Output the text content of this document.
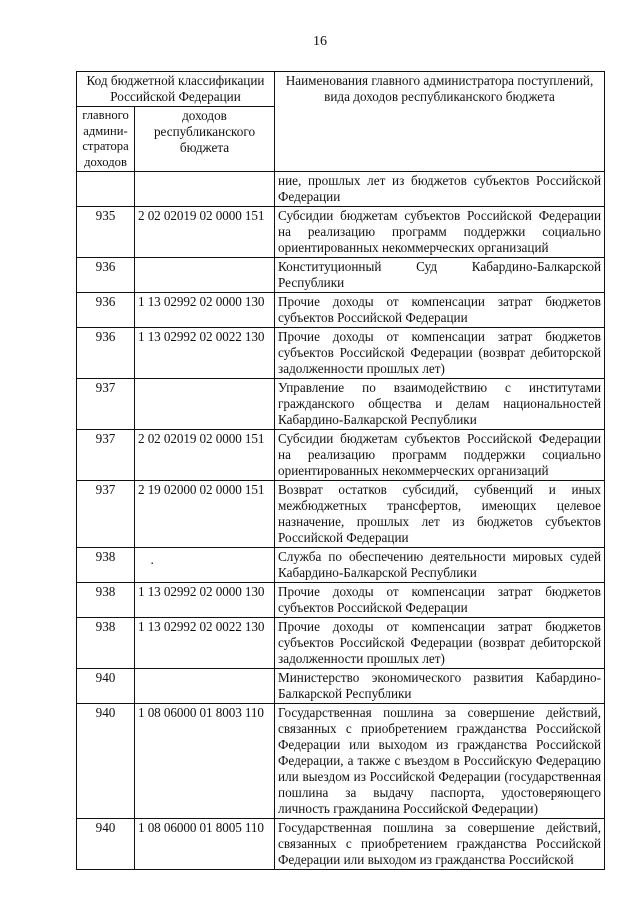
16
Код бюджетной классификации Российской Федерации		Наименования главного администратора поступлений, вида доходов республиканского бюджета
главного админи-стратора доходов	доходов республиканского бюджета	
		ние, прошлых лет из бюджетов субъектов Российской Федерации
935	2 02 02019 02 0000 151	Субсидии бюджетам субъектов Российской Федерации на реализацию программ поддержки социально ориентированных некоммерческих организаций
936		Конституционный Суд Кабардино-Балкарской Республики
936	1 13 02992 02 0000 130	Прочие доходы от компенсации затрат бюджетов субъектов Российской Федерации
936	1 13 02992 02 0022 130	Прочие доходы от компенсации затрат бюджетов субъектов Российской Федерации (возврат дебиторской задолженности прошлых лет)
937		Управление по взаимодействию с институтами гражданского общества и делам национальностей Кабардино-Балкарской Республики
937	2 02 02019 02 0000 151	Субсидии бюджетам субъектов Российской Федерации на реализацию программ поддержки социально ориентированных некоммерческих организаций
937	2 19 02000 02 0000 151	Возврат остатков субсидий, субвенций и иных межбюджетных трансфертов, имеющих целевое назначение, прошлых лет из бюджетов субъектов Российской Федерации
938	·	Служба по обеспечению деятельности мировых судей Кабардино-Балкарской Республики
938	1 13 02992 02 0000 130	Прочие доходы от компенсации затрат бюджетов субъектов Российской Федерации
938	1 13 02992 02 0022 130	Прочие доходы от компенсации затрат бюджетов субъектов Российской Федерации (возврат дебиторской задолженности прошлых лет)
940		Министерство экономического развития Кабардино-Балкарской Республики
940	1 08 06000 01 8003 110	Государственная пошлина за совершение действий, связанных с приобретением гражданства Российской Федерации или выходом из гражданства Российской Федерации, а также с въездом в Российскую Федерацию или выездом из Российской Федерации (государственная пошлина за выдачу паспорта, удостоверяющего личность гражданина Российской Федерации)
940	1 08 06000 01 8005 110	Государственная пошлина за совершение действий, связанных с приобретением гражданства Российской Федерации или выходом из гражданства Российской
